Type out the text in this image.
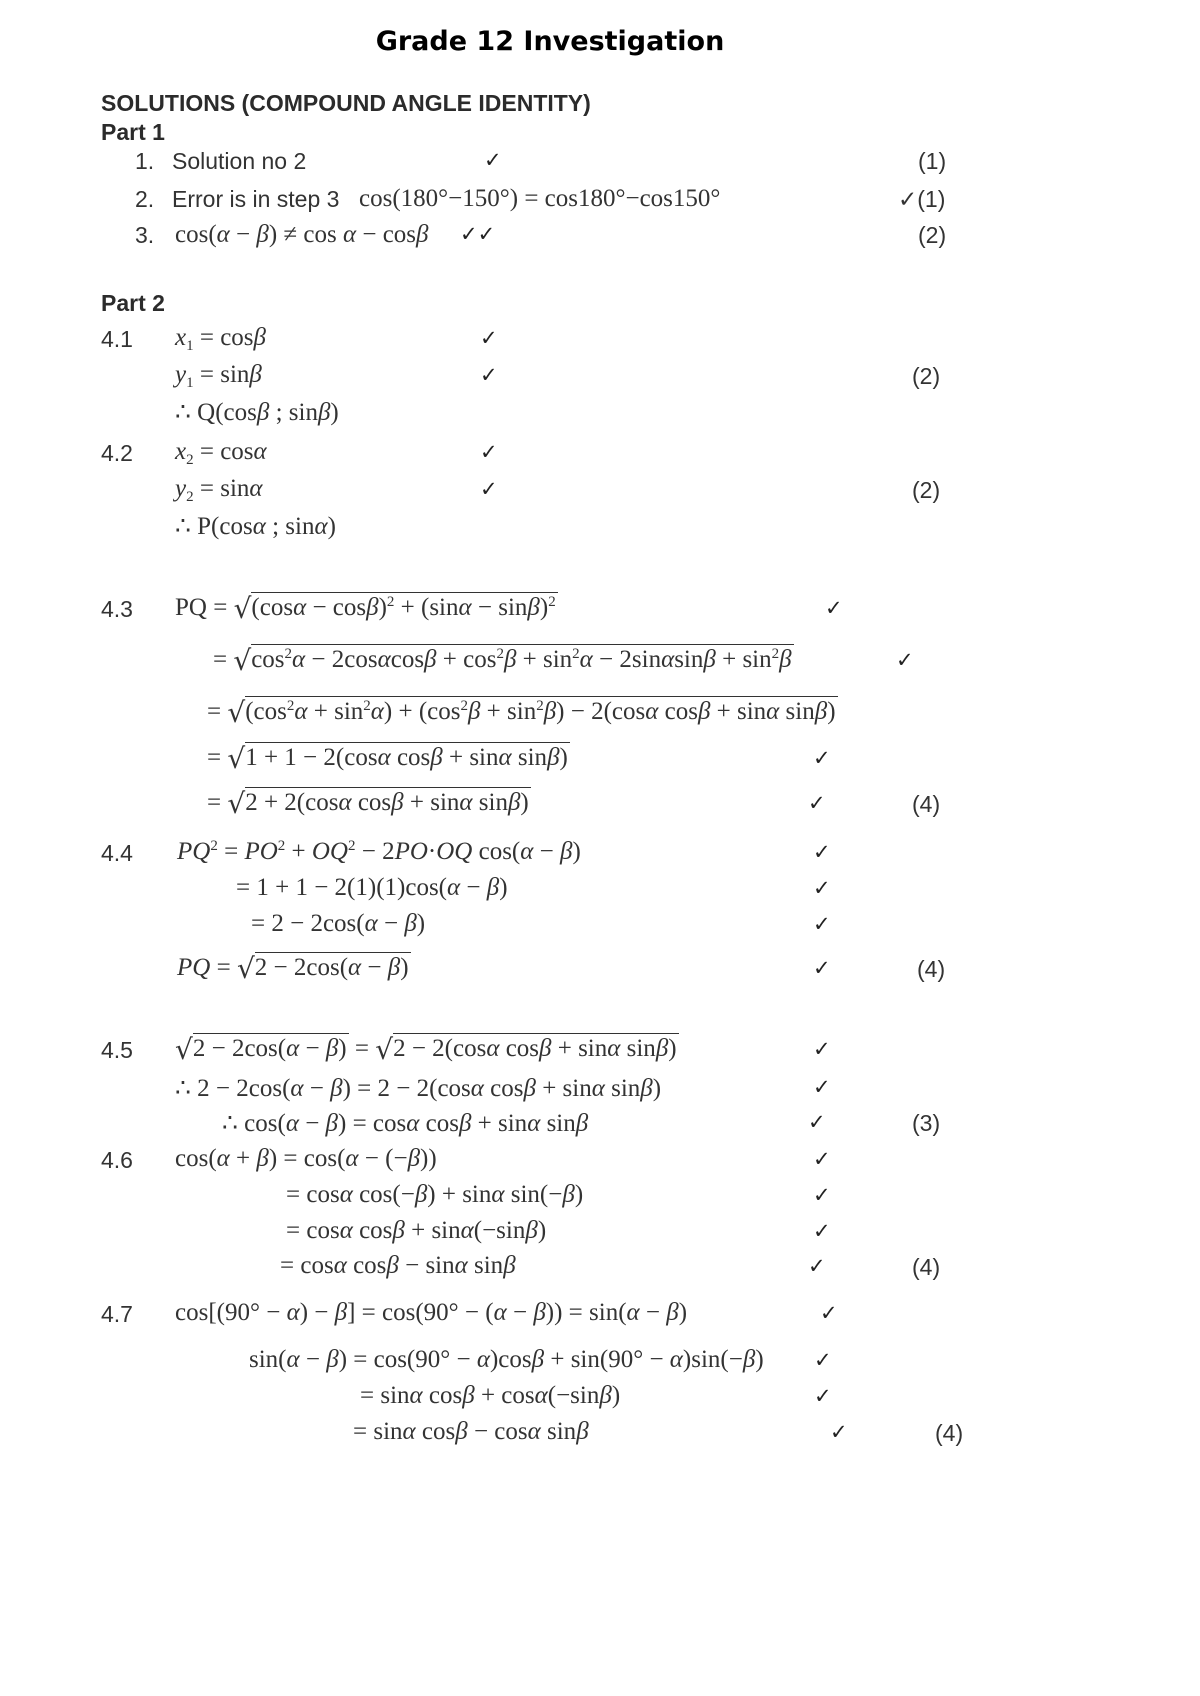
Grade 12 Investigation
SOLUTIONS (COMPOUND ANGLE IDENTITY)
Part 1
1. Solution no 2	✓	(1)
2. Error is in step 3 cos(180°−150°) = cos180°−cos150°	✓(1)
3. cos(α − β) ≠ cos α − cosβ ✓✓	(2)
Part 2
4.1 $x_1 = \cos\beta$	✓
$y_1 = \sin\beta$	✓	(2)
∴ Q(cosβ ; sinβ)
4.2 $x_2 = \cos\alpha$	✓
$y_2 = \sin\alpha$	✓	(2)
∴ P(cosα ; sinα)
4.3 PQ = $√(\cos\alpha - \cos\beta)^2 + (\sin\alpha - \sin\beta)^2$	✓
= $√\cos^2\alpha - 2\cos\alpha\cos\beta + \cos^2\beta + \sin^2\alpha - 2\sin\alpha\sin\beta + \sin^2\beta$	✓
= $√(\cos^2\alpha + \sin^2\alpha) + (\cos^2\beta + \sin^2\beta) - 2(\cos\alpha$ cosβ + sinα sinβ)
= √1 + 1 − 2(cosα cosβ + sinα sinβ)	✓
= √2 + 2(cosα cosβ + sinα sinβ)	✓	(4)
4.4 $PQ^2 = PO^2 + OQ^2 - 2PO\cdot OQ$ cos(α − β)	✓
= 1 + 1 − 2(1)(1)cos(α − β)	✓
= 2 − 2cos(α − β)	✓
PQ = √2 − 2cos(α − β)	✓	(4)
4.5 √2 − 2cos(α − β) = √2 − 2(cosα cosβ + sinα sinβ)	✓
∴ 2 − 2cos(α − β) = 2 − 2(cosα cosβ + sinα sinβ)	✓
∴ cos(α − β) = cosα cosβ + sinα sinβ	✓	(3)
4.6 cos(α + β) = cos(α − (−β))	✓
= cosα cos(−β) + sinα sin(−β)	✓
= cosα cosβ + sinα(−sinβ)	✓
= cosα cosβ − sinα sinβ	✓	(4)
4.7 cos[(90° − α) − β] = cos(90° − (α − β)) = sin(α − β)	✓
sin(α − β) = cos(90° − α)cosβ + sin(90° − α)sin(−β) ✓
= sinα cosβ + cosα(−sinβ)	✓
= sinα cosβ − cosα sinβ	✓	(4)
